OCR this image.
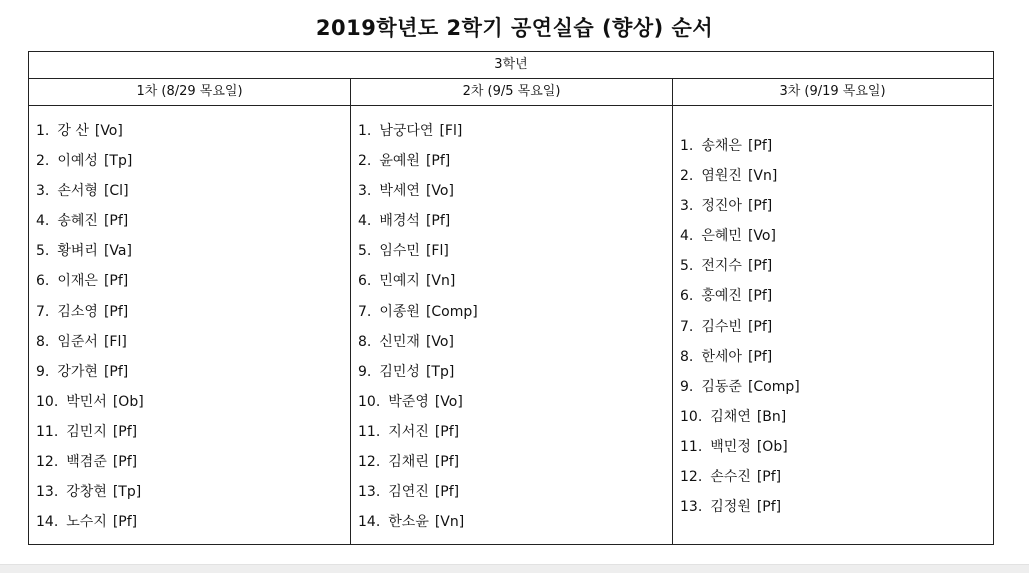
2019학년도 2학기 공연실습 (향상) 순서
3학년
1차 (8/29 목요일)	2차 (9/5 목요일)	3차 (9/19 목요일)
1. 강 산 [Vo]
2. 이예성 [Tp]
3. 손서형 [Cl]
4. 송혜진 [Pf]
5. 황벼리 [Va]
6. 이재은 [Pf]
7. 김소영 [Pf]
8. 임준서 [Fl]
9. 강가현 [Pf]
10. 박민서 [Ob]
11. 김민지 [Pf]
12. 백겸준 [Pf]
13. 강창현 [Tp]
14. 노수지 [Pf]
1. 남궁다연 [Fl]
2. 윤예원 [Pf]
3. 박세연 [Vo]
4. 배경석 [Pf]
5. 임수민 [Fl]
6. 민예지 [Vn]
7. 이종원 [Comp]
8. 신민재 [Vo]
9. 김민성 [Tp]
10. 박준영 [Vo]
11. 지서진 [Pf]
12. 김채린 [Pf]
13. 김연진 [Pf]
14. 한소윤 [Vn]
1. 송채은 [Pf]
2. 염원진 [Vn]
3. 정진아 [Pf]
4. 은혜민 [Vo]
5. 전지수 [Pf]
6. 홍예진 [Pf]
7. 김수빈 [Pf]
8. 한세아 [Pf]
9. 김동준 [Comp]
10. 김채연 [Bn]
11. 백민정 [Ob]
12. 손수진 [Pf]
13. 김정원 [Pf]
